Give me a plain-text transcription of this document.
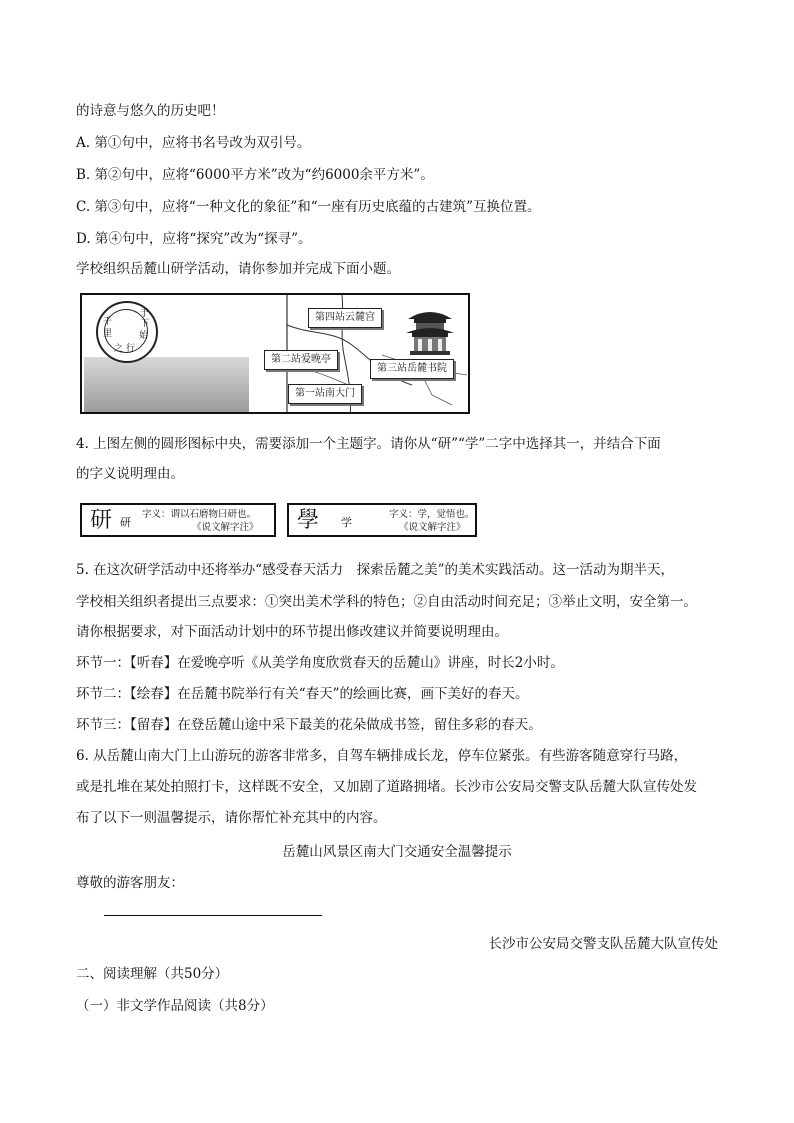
的诗意与悠久的历史吧！
A. 第①句中，应将书名号改为双引号。
B. 第②句中，应将“6000平方米”改为“约6000余平方米”。
C. 第③句中，应将“一种文化的象征”和“一座有历史底蕴的古建筑”互换位置。
D. 第④句中，应将“探究”改为“探寻”。
学校组织岳麓山研学活动，请你参加并完成下面小题。
千
里
之 行
始
于
下
第四站云麓宫
第二站爱晚亭
第三站岳麓书院
第一站南大门
4. 上图左侧的圆形图标中央，需要添加一个主题字。请你从“研”“学”二字中选择其一，并结合下面
的字义说明理由。
研 研
字义：谓以石磨物曰研也。
《说文解字注》 學 学
字义：学，觉悟也。
《说文解字注》
5. 在这次研学活动中还将举办“感受春天活力　探索岳麓之美”的美术实践活动。这一活动为期半天，
学校相关组织者提出三点要求：①突出美术学科的特色；②自由活动时间充足；③举止文明，安全第一。
请你根据要求，对下面活动计划中的环节提出修改建议并简要说明理由。
环节一：【听春】在爱晚亭听《从美学角度欣赏春天的岳麓山》讲座，时长2小时。
环节二：【绘春】在岳麓书院举行有关“春天”的绘画比赛，画下美好的春天。
环节三：【留春】在登岳麓山途中采下最美的花朵做成书签，留住多彩的春天。
6. 从岳麓山南大门上山游玩的游客非常多，自驾车辆排成长龙，停车位紧张。有些游客随意穿行马路，
或是扎堆在某处拍照打卡，这样既不安全，又加剧了道路拥堵。长沙市公安局交警支队岳麓大队宣传处发
布了以下一则温馨提示，请你帮忙补充其中的内容。
岳麓山风景区南大门交通安全温馨提示
尊敬的游客朋友：
长沙市公安局交警支队岳麓大队宣传处
二、阅读理解（共50分）
（一）非文学作品阅读（共8分）
